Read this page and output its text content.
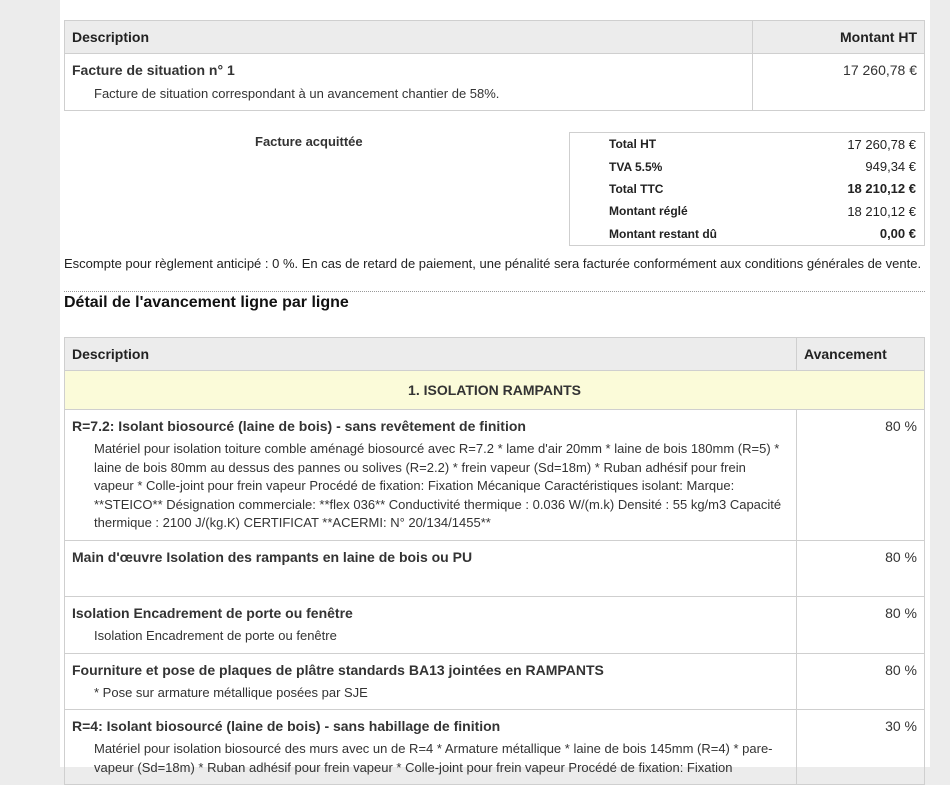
Description	Montant HT

Facture de situation n° 1
Facture de situation correspondant à un avancement chantier de 58%.	17 260,78 €
Facture acquittée	Total HT	17 260,78 €
TVA 5.5%	949,34 €
Total TTC	18 210,12 €
Montant réglé	18 210,12 €
Montant restant dû	0,00 €
Escompte pour règlement anticipé : 0 %. En cas de retard de paiement, une pénalité sera facturée conformément aux conditions générales de vente.
Détail de l'avancement ligne par ligne
Description	Avancement
1. ISOLATION RAMPANTS	

R=7.2: Isolant biosourcé (laine de bois) - sans revêtement de finition
Matériel pour isolation toiture comble aménagé biosourcé avec R=7.2 * lame d'air 20mm * laine de bois 180mm (R=5) * laine de bois 80mm au dessus des pannes ou solives (R=2.2) * frein vapeur (Sd=18m) * Ruban adhésif pour frein vapeur * Colle-joint pour frein vapeur Procédé de fixation: Fixation Mécanique Caractéristiques isolant: Marque: **STEICO** Désignation commerciale: **flex 036** Conductivité thermique : 0.036 W/(m.k) Densité : 55 kg/m3 Capacité thermique : 2100 J/(kg.K) CERTIFICAT **ACERMI: N° 20/134/1455**	80 %

Main d'œuvre Isolation des rampants en laine de bois ou PU	80 %

Isolation Encadrement de porte ou fenêtre
Isolation Encadrement de porte ou fenêtre	80 %

Fourniture et pose de plaques de plâtre standards BA13 jointées en RAMPANTS
* Pose sur armature métallique posées par SJE	80 %

R=4: Isolant biosourcé (laine de bois) - sans habillage de finition
Matériel pour isolation biosourcé des murs avec un de R=4 * Armature métallique * laine de bois 145mm (R=4) * pare-vapeur (Sd=18m) * Ruban adhésif pour frein vapeur * Colle-joint pour frein vapeur Procédé de fixation: Fixation	30 %
